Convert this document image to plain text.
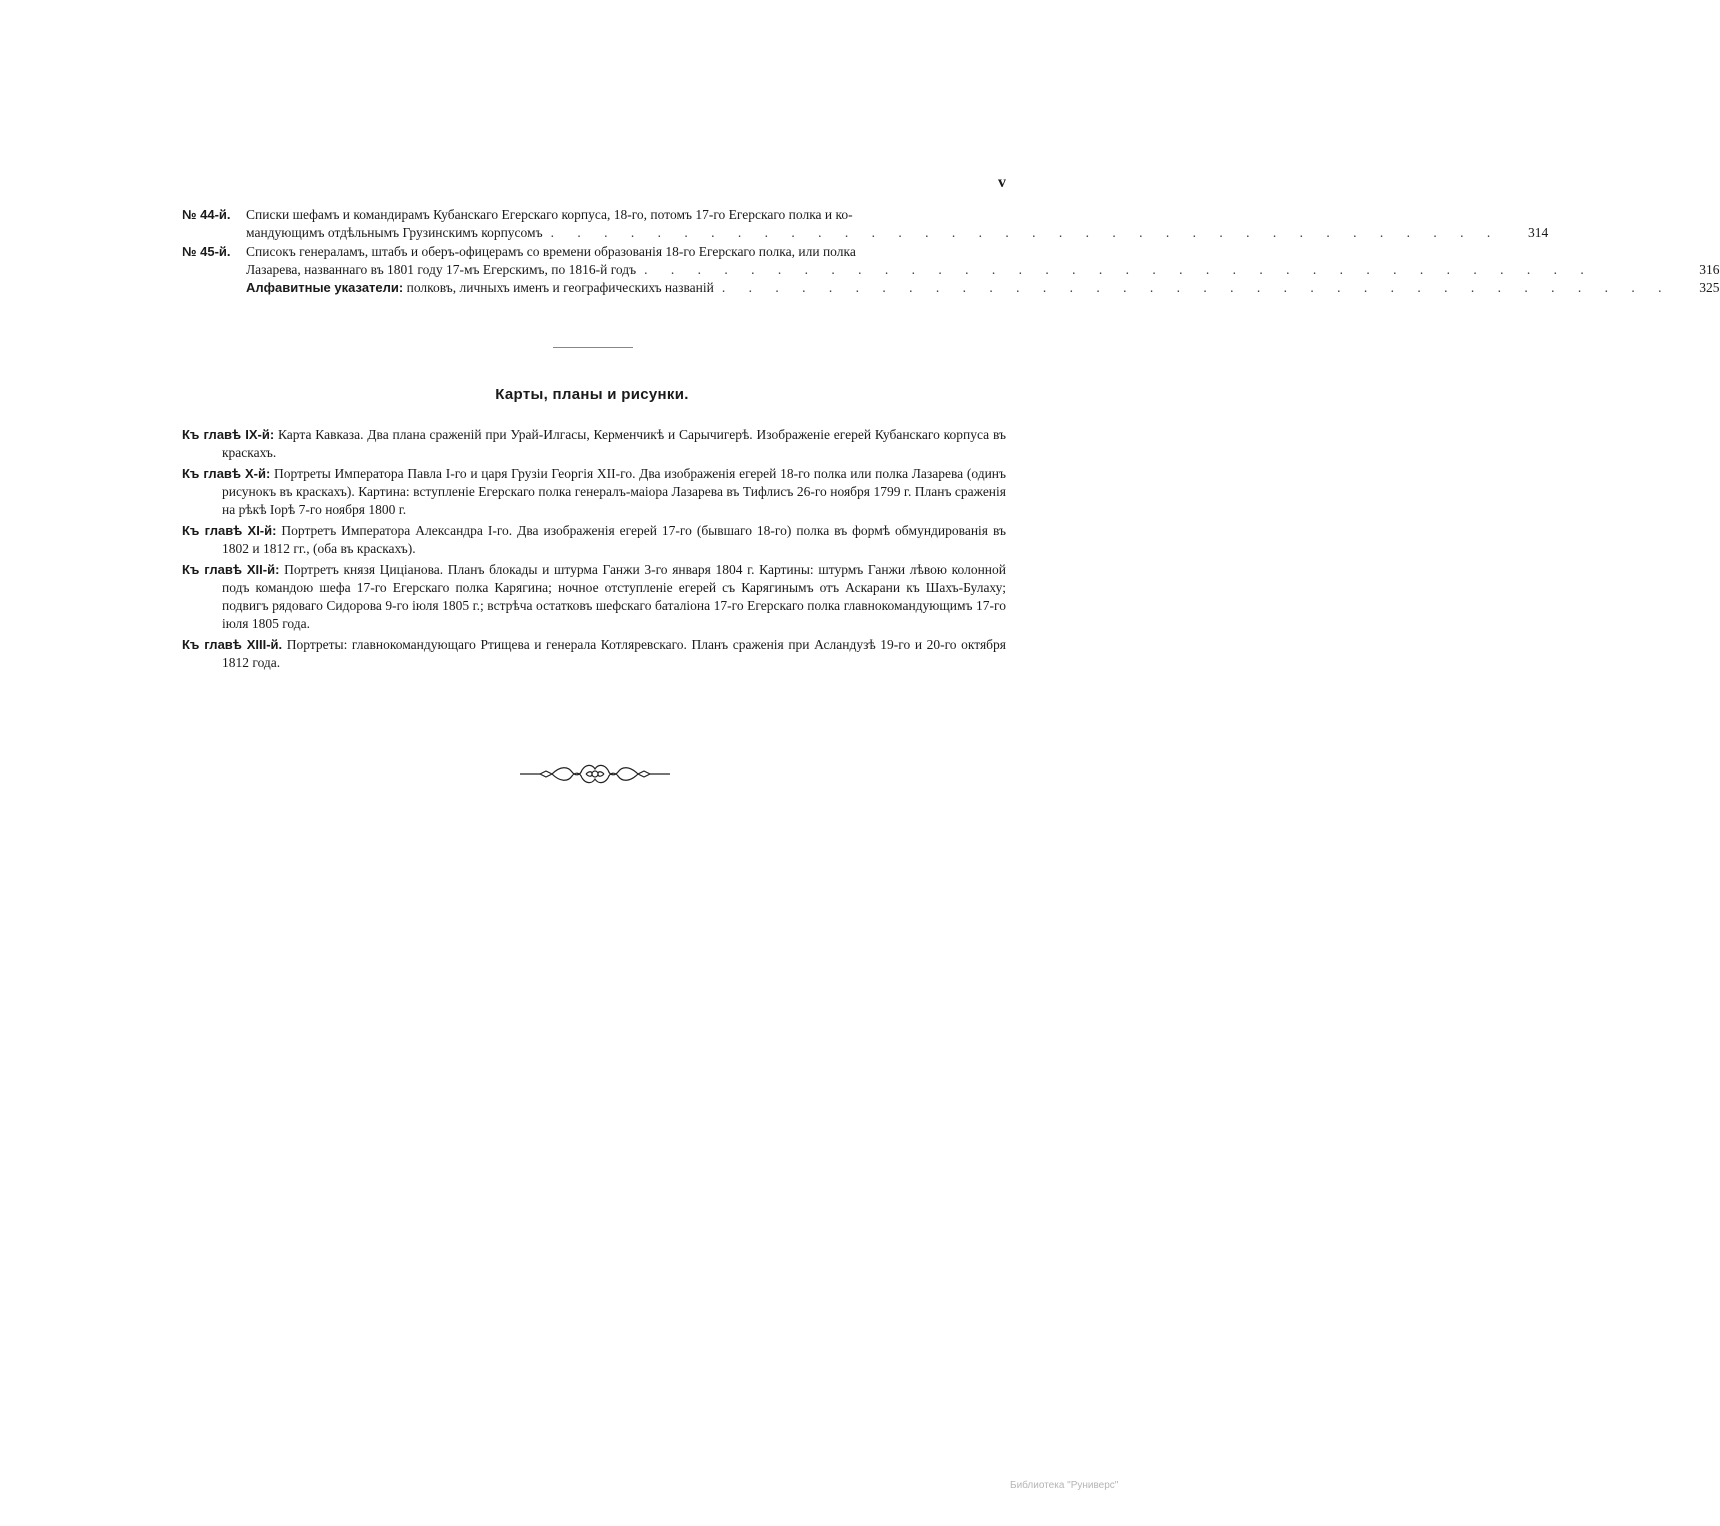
v
№ 44-й.	Списки шефамъ и командирамъ Кубанскаго Егерскаго корпуса, 18-го, потомъ 17-го Егерскаго полка и ко-
мандующимъ отдѣльнымъ Грузинскимъ корпусомъ . . . . . . . . . . . . . . . . . . . . . . . . . . . . . . . . . . . .	314
№ 45-й.	Списокъ генераламъ, штабъ и оберъ-офицерамъ со времени образованія 18-го Егерскаго полка, или полка
Лазарева, названнаго въ 1801 году 17-мъ Егерскимъ, по 1816-й годъ . . . . . . . . . . . . . . . . . . . . . . . . . . . . . . . . . . . .	316
Алфавитные указатели: полковъ, личныхъ именъ и географическихъ названій . . . . . . . . . . . . . . . . . . . . . . . . . . . . . . . . . . . .	325
Карты, планы и рисунки.
Къ главѣ IX-й: Карта Кавказа. Два плана сраженій при Урай-Илгасы, Керменчикѣ и Сарычигерѣ. Изображеніе егерей Кубанскаго корпуса въ краскахъ.
Къ главѣ X-й: Портреты Императора Павла I-го и царя Грузіи Георгія XII-го. Два изображенія егерей 18-го полка или полка Лазарева (одинъ рисунокъ въ краскахъ). Картина: вступленіе Егерскаго полка генералъ-маіора Лазарева въ Тифлисъ 26-го ноября 1799 г. Планъ сраженія на рѣкѣ Іорѣ 7-го ноября 1800 г.
Къ главѣ XI-й: Портретъ Императора Александра I-го. Два изображенія егерей 17-го (бывшаго 18-го) полка въ формѣ обмундированія въ 1802 и 1812 гг., (оба въ краскахъ).
Къ главѣ XII-й: Портретъ князя Цицiанова. Планъ блокады и штурма Ганжи 3-го января 1804 г. Картины: штурмъ Ганжи лѣвою колонной подъ командою шефа 17-го Егерскаго полка Карягина; ночное отступленіе егерей съ Карягинымъ отъ Аскарани къ Шахъ-Булаху; подвигъ рядоваго Сидорова 9-го іюля 1805 г.; встрѣча остатковъ шефскаго баталіона 17-го Егерскаго полка главнокомандующимъ 17-го іюля 1805 года.
Къ главѣ XIII-й. Портреты: главнокомандующаго Ртищева и генерала Котляревскаго. Планъ сраженія при Асландузѣ 19-го и 20-го октября 1812 года.
Библиотека "Руниверс"
